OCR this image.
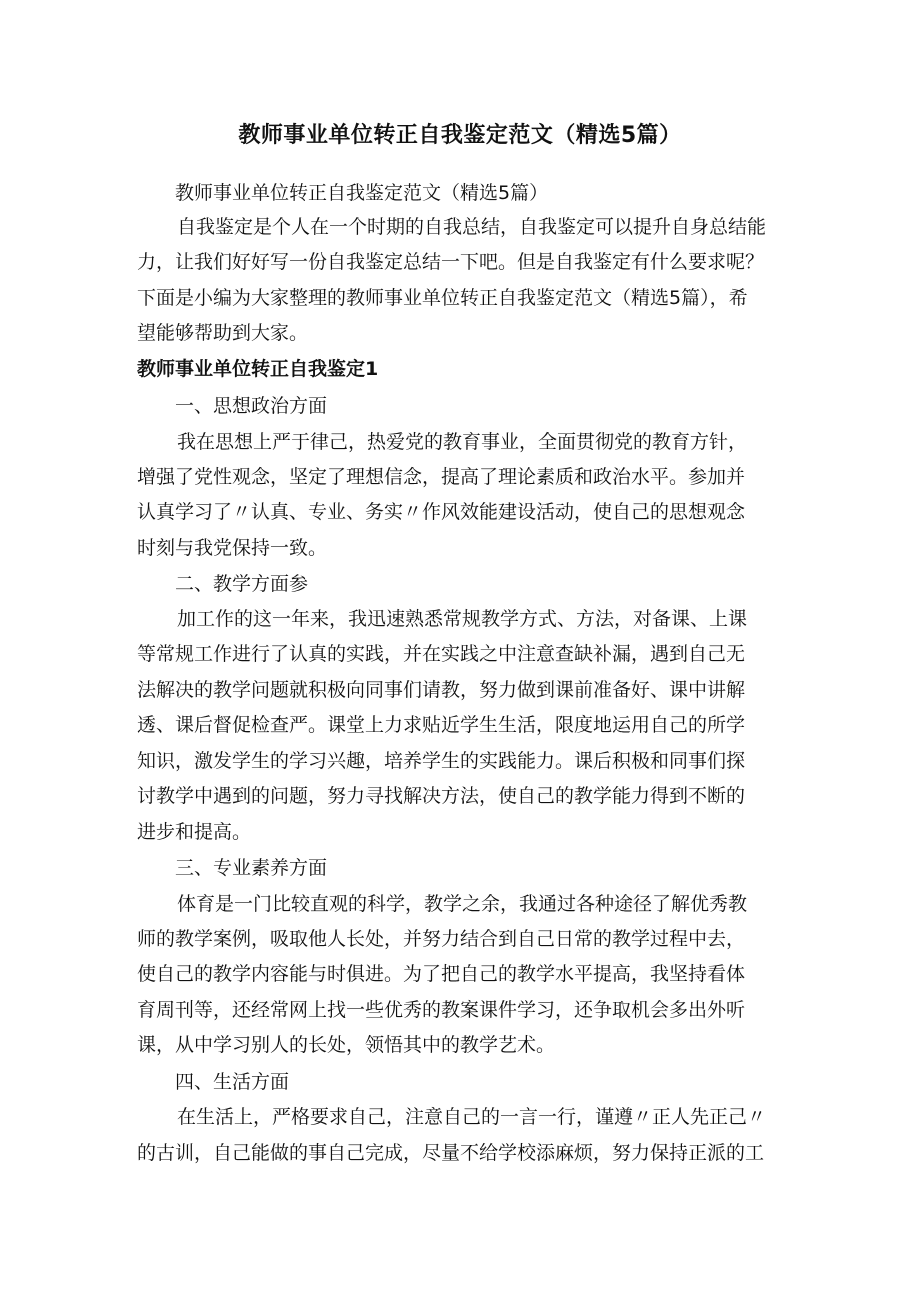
教师事业单位转正自我鉴定范文（精选5篇）
教师事业单位转正自我鉴定范文（精选5篇）
自我鉴定是个人在一个时期的自我总结，自我鉴定可以提升自身总结能
力，让我们好好写一份自我鉴定总结一下吧。但是自我鉴定有什么要求呢？
下面是小编为大家整理的教师事业单位转正自我鉴定范文（精选5篇），希
望能够帮助到大家。
教师事业单位转正自我鉴定1
一、思想政治方面
我在思想上严于律己，热爱党的教育事业，全面贯彻党的教育方针，
增强了党性观念，坚定了理想信念，提高了理论素质和政治水平。参加并
认真学习了〃认真、专业、务实〃作风效能建设活动，使自己的思想观念
时刻与我党保持一致。
二、教学方面参
加工作的这一年来，我迅速熟悉常规教学方式、方法，对备课、上课
等常规工作进行了认真的实践，并在实践之中注意查缺补漏，遇到自己无
法解决的教学问题就积极向同事们请教，努力做到课前准备好、课中讲解
透、课后督促检查严。课堂上力求贴近学生生活，限度地运用自己的所学
知识，激发学生的学习兴趣，培养学生的实践能力。课后积极和同事们探
讨教学中遇到的问题，努力寻找解决方法，使自己的教学能力得到不断的
进步和提高。
三、专业素养方面
体育是一门比较直观的科学，教学之余，我通过各种途径了解优秀教
师的教学案例，吸取他人长处，并努力结合到自己日常的教学过程中去，
使自己的教学内容能与时俱进。为了把自己的教学水平提高，我坚持看体
育周刊等，还经常网上找一些优秀的教案课件学习，还争取机会多出外听
课，从中学习别人的长处，领悟其中的教学艺术。
四、生活方面
在生活上，严格要求自己，注意自己的一言一行，谨遵〃正人先正己〃
的古训，自己能做的事自己完成，尽量不给学校添麻烦，努力保持正派的工
